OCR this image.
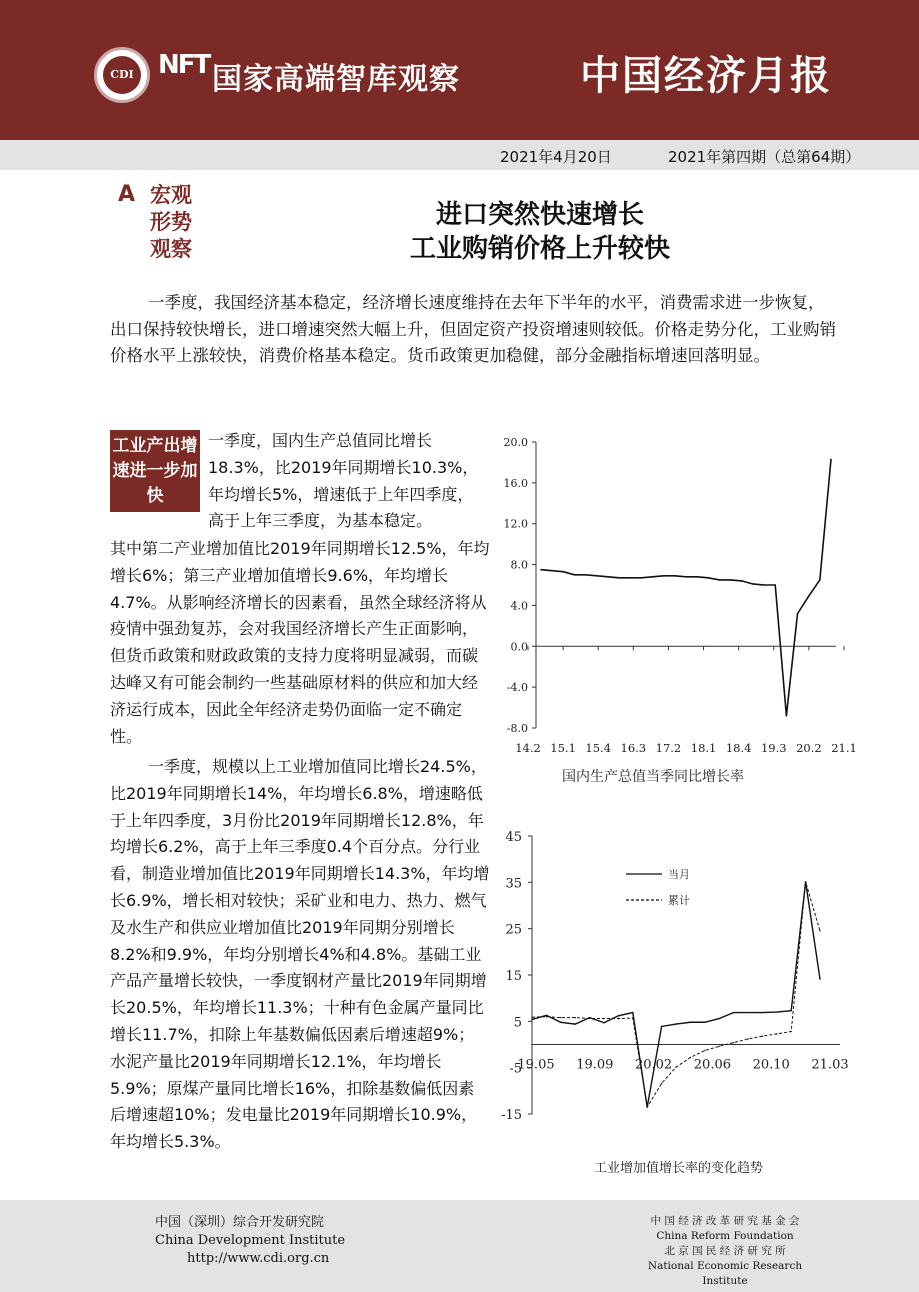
CDI NFT 国家高端智库观察	中国经济月报
2021年4月20日	2021年第四期（总第64期）
A 宏观形势观察
进口突然快速增长
工业购销价格上升较快

一季度，我国经济基本稳定，经济增长速度维持在去年下半年的水平，消费需求进一步恢复，出口保持较快增长，进口增速突然大幅上升，但固定资产投资增速则较低。价格走势分化，工业购销价格水平上涨较快，消费价格基本稳定。货币政策更加稳健，部分金融指标增速回落明显。

工业产出增速进一步加快

一季度，国内生产总值同比增长18.3%，比2019年同期增长10.3%，年均增长5%，增速低于上年四季度，高于上年三季度，为基本稳定。

其中第二产业增加值比2019年同期增长12.5%，年均增长6%；第三产业增加值增长9.6%，年均增长4.7%。从影响经济增长的因素看，虽然全球经济将从疫情中强劲复苏，会对我国经济增长产生正面影响，但货币政策和财政政策的支持力度将明显减弱，而碳达峰又有可能会制约一些基础原材料的供应和加大经济运行成本，因此全年经济走势仍面临一定不确定性。

一季度，规模以上工业增加值同比增长24.5%，比2019年同期增长14%，年均增长6.8%，增速略低于上年四季度，3月份比2019年同期增长12.8%，年均增长6.2%，高于上年三季度0.4个百分点。分行业看，制造业增加值比2019年同期增长14.3%，年均增长6.9%，增长相对较快；采矿业和电力、热力、燃气及水生产和供应业增加值比2019年同期分别增长8.2%和9.9%，年均分别增长4%和4.8%。基础工业产品产量增长较快，一季度钢材产量比2019年同期增长20.5%，年均增长11.3%；十种有色金属产量同比增长11.7%，扣除上年基数偏低因素后增速超9%；水泥产量比2019年同期增长12.1%，年均增长5.9%；原煤产量同比增长16%，扣除基数偏低因素后增速超10%；发电量比2019年同期增长10.9%，年均增长5.3%。

20.0
16.0
12.0
8.0
4.0
0.0
-4.0
-8.0
14.2 15.1 15.4 16.3 17.2 18.1 18.4 19.3 20.2 21.1
国内生产总值当季同比增长率
45
35
25
15
5
-5
-15
19.05 19.09 20.02 20.06 20.10 21.03
当月
累计
工业增加值增长率的变化趋势
中国（深圳）综合开发研究院
China Development Institute
http://www.cdi.org.cn
中 国 经 济 改 革 研 究 基 金 会
China Reform Foundation
北 京 国 民 经 济 研 究 所
National Economic Research Institute
